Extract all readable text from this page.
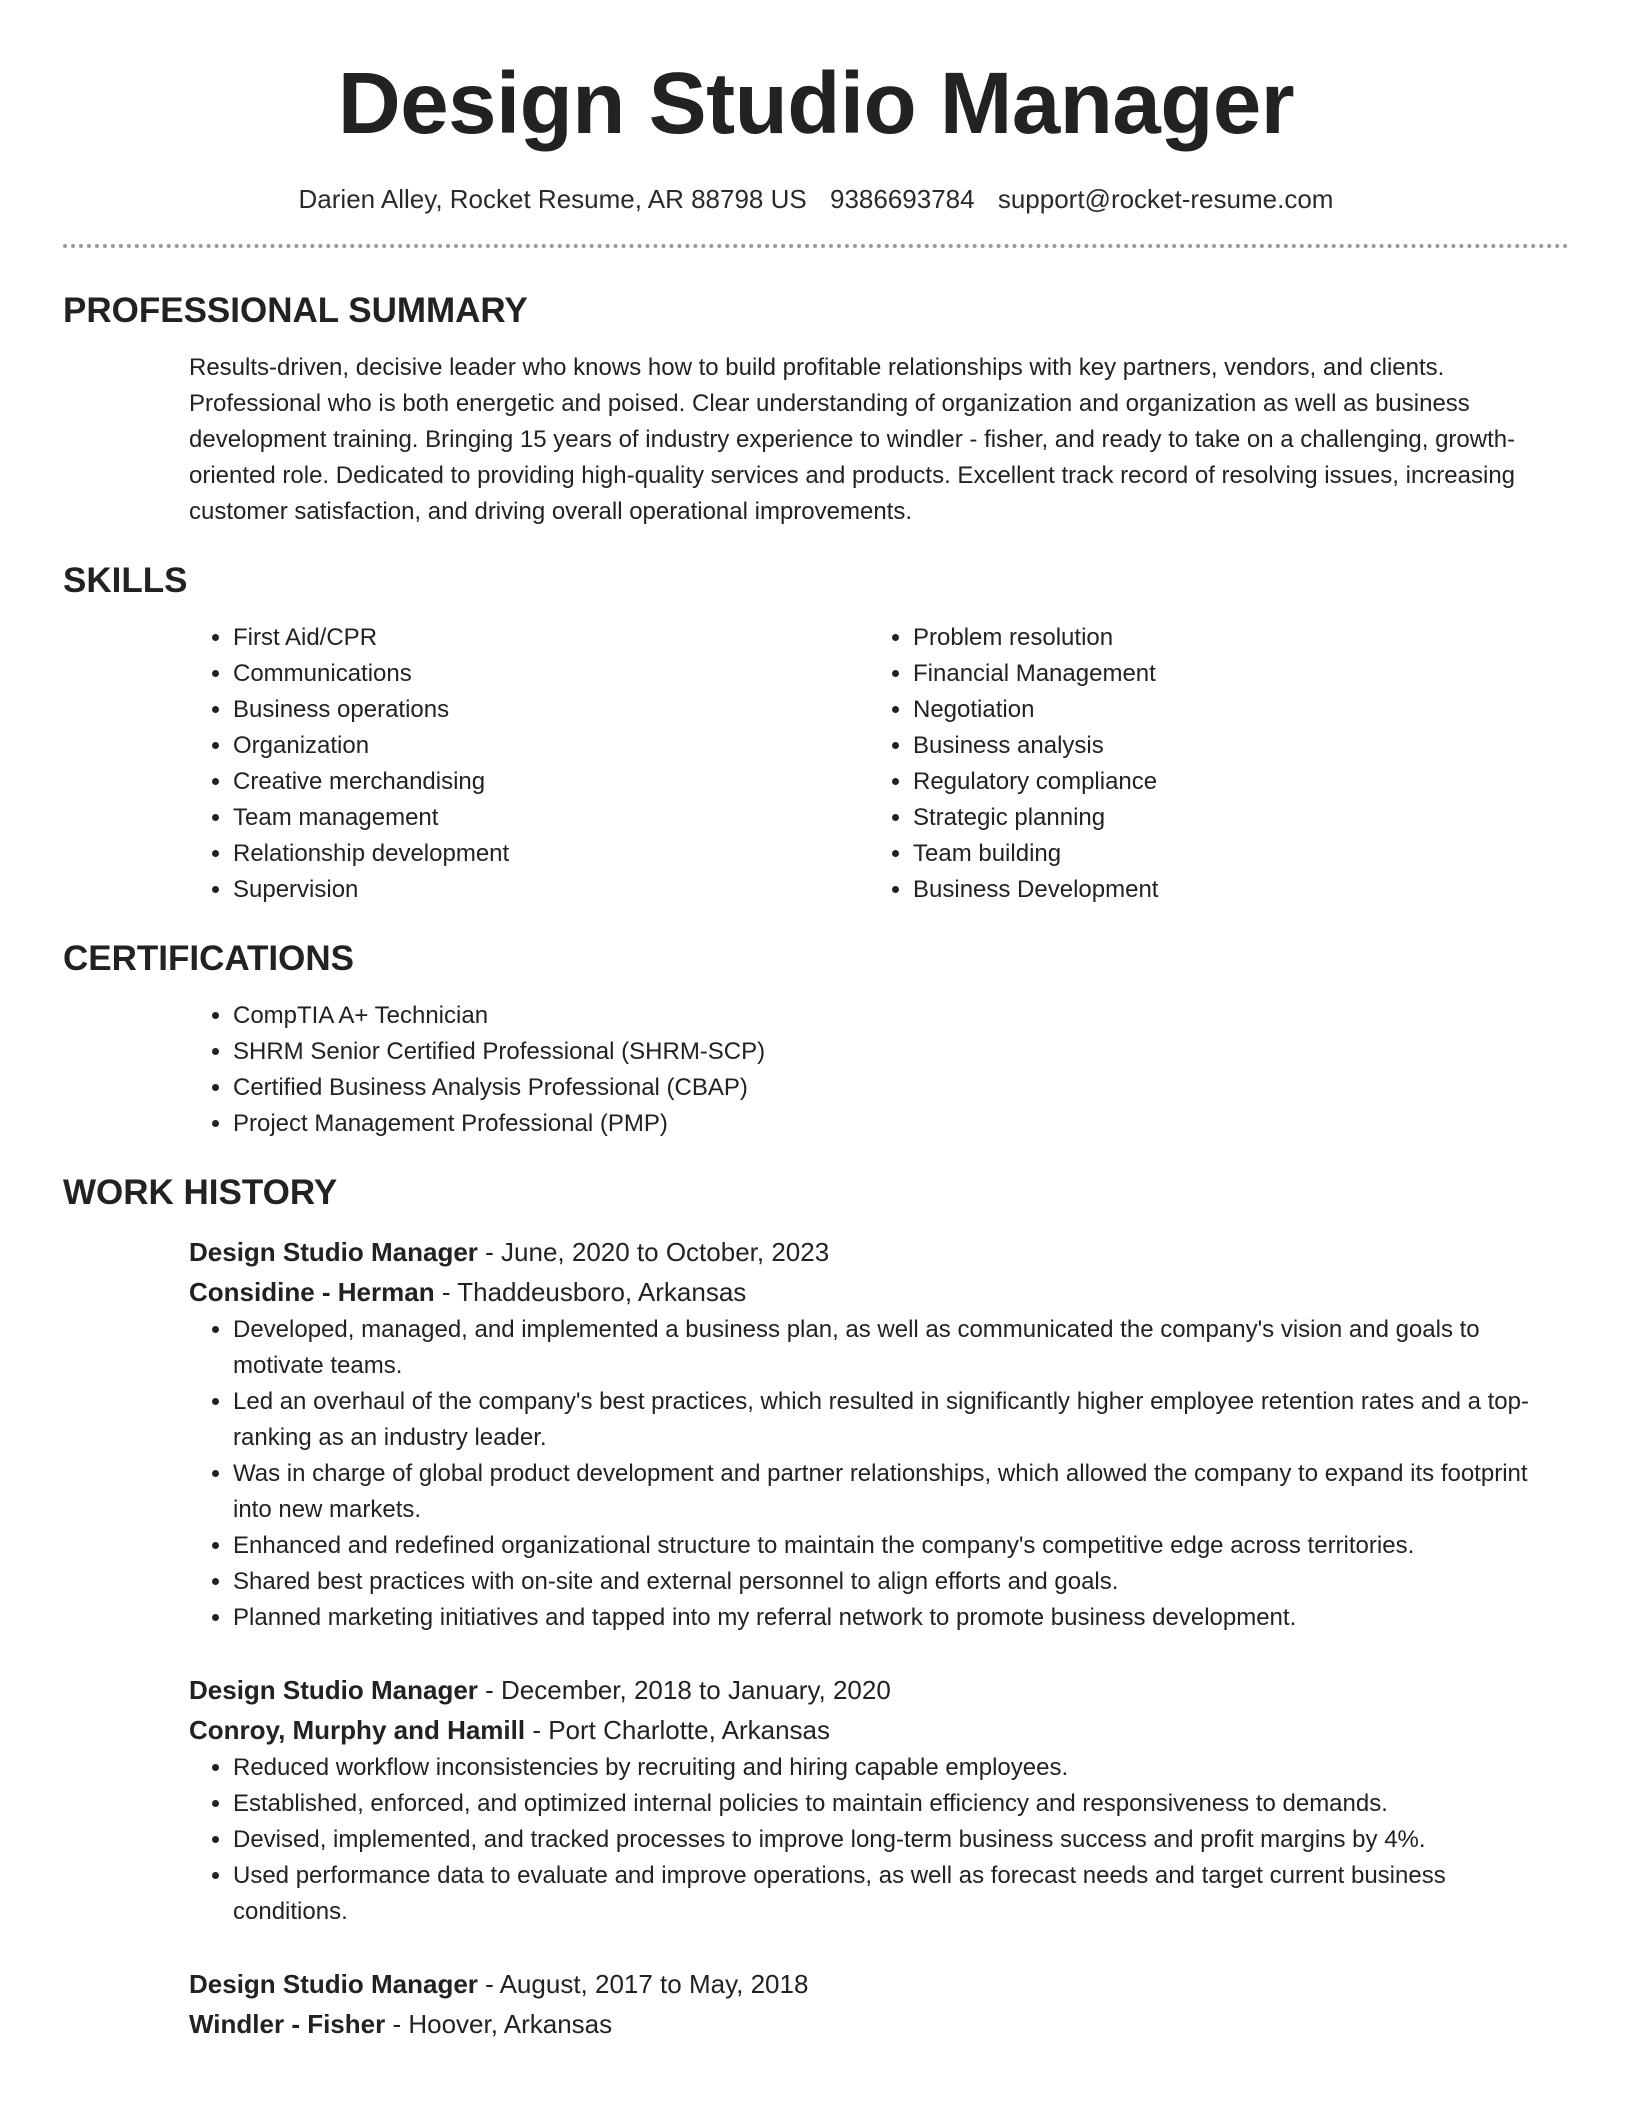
Design Studio Manager
Darien Alley, Rocket Resume, AR 88798 US 9386693784 support@rocket-resume.com
PROFESSIONAL SUMMARY

Results-driven, decisive leader who knows how to build profitable relationships with key partners, vendors, and clients. Professional who is both energetic and poised. Clear understanding of organization and organization as well as business development training. Bringing 15 years of industry experience to windler - fisher, and ready to take on a challenging, growth-oriented role. Dedicated to providing high-quality services and products. Excellent track record of resolving issues, increasing customer satisfaction, and driving overall operational improvements.

SKILLS
• First Aid/CPR
• Communications
• Business operations
• Organization
• Creative merchandising
• Team management
• Relationship development
• Supervision
• Problem resolution
• Financial Management
• Negotiation
• Business analysis
• Regulatory compliance
• Strategic planning
• Team building
• Business Development
CERTIFICATIONS
• CompTIA A+ Technician
• SHRM Senior Certified Professional (SHRM-SCP)
• Certified Business Analysis Professional (CBAP)
• Project Management Professional (PMP)
WORK HISTORY
Design Studio Manager - June, 2020 to October, 2023
Considine - Herman - Thaddeusboro, Arkansas
• Developed, managed, and implemented a business plan, as well as communicated the company's vision and goals to motivate teams.
• Led an overhaul of the company's best practices, which resulted in significantly higher employee retention rates and a top-ranking as an industry leader.
• Was in charge of global product development and partner relationships, which allowed the company to expand its footprint into new markets.
• Enhanced and redefined organizational structure to maintain the company's competitive edge across territories.
• Shared best practices with on-site and external personnel to align efforts and goals.
• Planned marketing initiatives and tapped into my referral network to promote business development.
Design Studio Manager - December, 2018 to January, 2020
Conroy, Murphy and Hamill - Port Charlotte, Arkansas
• Reduced workflow inconsistencies by recruiting and hiring capable employees.
• Established, enforced, and optimized internal policies to maintain efficiency and responsiveness to demands.
• Devised, implemented, and tracked processes to improve long-term business success and profit margins by 4%.
• Used performance data to evaluate and improve operations, as well as forecast needs and target current business conditions.
Design Studio Manager - August, 2017 to May, 2018
Windler - Fisher - Hoover, Arkansas
